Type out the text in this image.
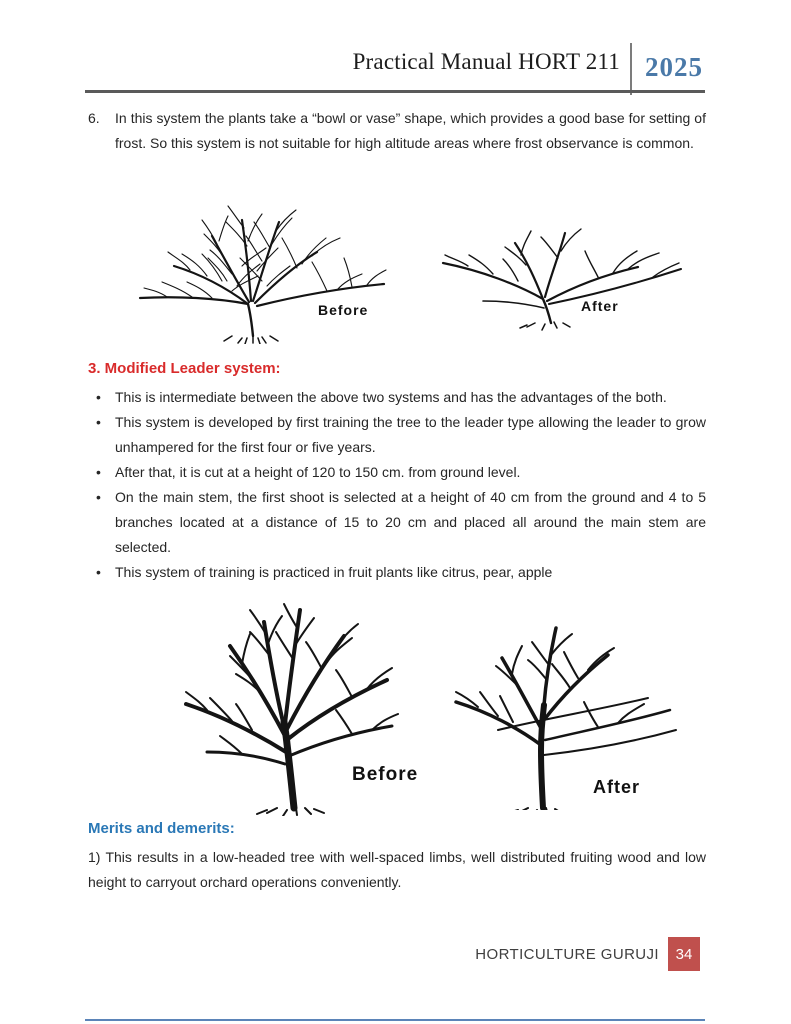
Practical Manual HORT 211 2025
6. In this system the plants take a “bowl or vase” shape, which provides a good base for setting of frost. So this system is not suitable for high altitude areas where frost observance is common.
Before	After
3. Modified Leader system:
• This is intermediate between the above two systems and has the advantages of the both.
• This system is developed by first training the tree to the leader type allowing the leader to grow unhampered for the first four or five years.
• After that, it is cut at a height of 120 to 150 cm. from ground level.
• On the main stem, the first shoot is selected at a height of 40 cm from the ground and 4 to 5 branches located at a distance of 15 to 20 cm and placed all around the main stem are selected.
• This system of training is practiced in fruit plants like citrus, pear, apple
Before
After
Merits and demerits:
1) This results in a low-headed tree with well-spaced limbs, well distributed fruiting wood and low height to carryout orchard operations conveniently.
HORTICULTURE GURUJI	34
